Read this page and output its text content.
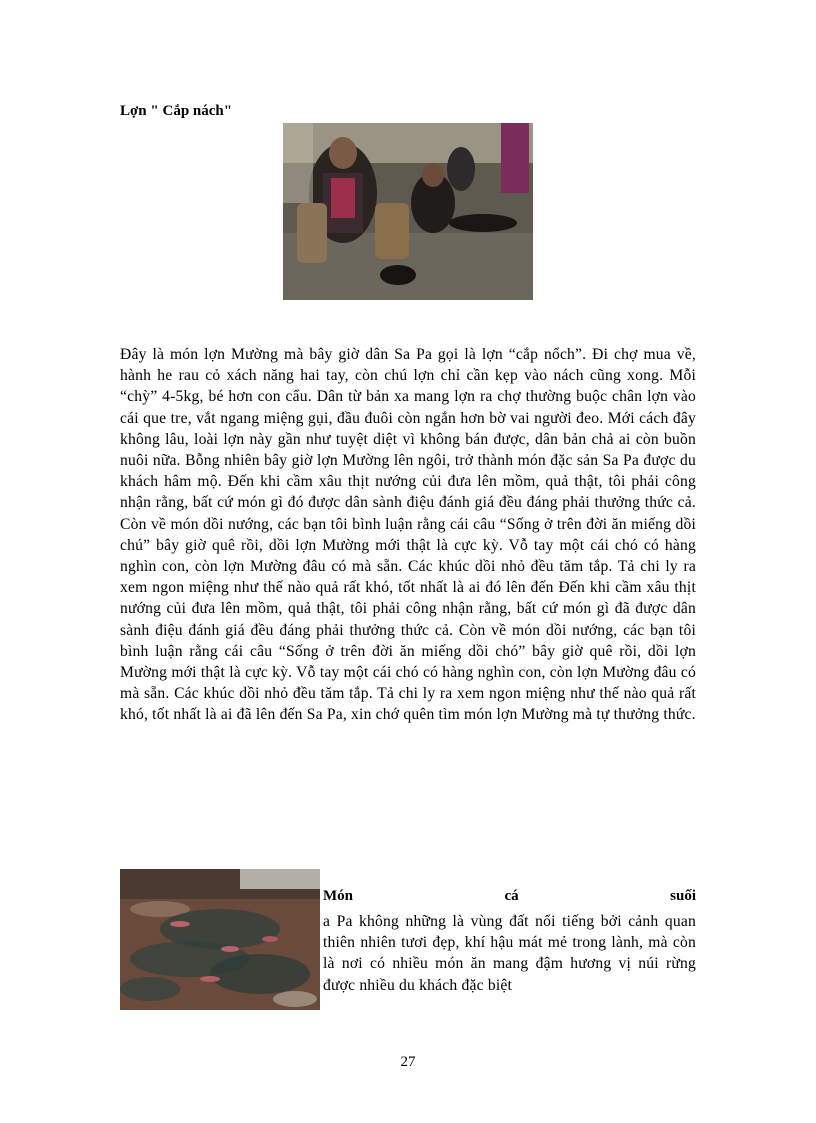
Lợn " Cắp nách"

Đây là món lợn Mường mà bây giờ dân Sa Pa gọi là lợn “cắp nổch”. Đi chợ mua về, hành he rau cỏ xách năng hai tay, còn chú lợn chỉ cần kẹp vào nách cũng xong. Mỗi “chỳ” 4-5kg, bé hơn con cẩu. Dân từ bản xa mang lợn ra chợ thường buộc chân lợn vào cái que tre, vắt ngang miệng gụi, đầu đuôi còn ngắn hơn bờ vai người đeo. Mới cách đây không lâu, loài lợn này gần như tuyệt diệt vì không bán được, dân bản chả ai còn buồn nuôi nữa. Bỗng nhiên bây giờ lợn Mường lên ngôi, trở thành món đặc sản Sa Pa được du khách hâm mộ. Đến khi cầm xâu thịt nướng củi đưa lên mồm, quả thật, tôi phải công nhận rằng, bất cứ món gì đó được dân sành điệu đánh giá đều đáng phải thưởng thức cả. Còn về món dồi nướng, các bạn tôi bình luận rằng cái câu “Sống ở trên đời ăn miếng dồi chú” bây giờ quê rồi, dồi lợn Mường mới thật là cực kỳ. Vỗ tay một cái chó có hàng nghìn con, còn lợn Mường đâu có mà sẵn. Các khúc dồi nhỏ đều tăm tắp. Tả chi ly ra xem ngon miệng như thế nào quả rất khó, tốt nhất là ai đó lên đến Đến khi cầm xâu thịt nướng củi đưa lên mồm, quả thật, tôi phải công nhận rằng, bất cứ món gì đã được dân sành điệu đánh giá đều đáng phải thưởng thức cả. Còn về món dồi nướng, các bạn tôi bình luận rằng cái câu “Sống ở trên đời ăn miếng dồi chó” bây giờ quê rồi, dồi lợn Mường mới thật là cực kỳ. Vỗ tay một cái chó có hàng nghìn con, còn lợn Mường đâu có mà sẵn. Các khúc dồi nhỏ đều tăm tắp. Tả chi ly ra xem ngon miệng như thế nào quả rất khó, tốt nhất là ai đã lên đến Sa Pa, xin chớ quên tìm món lợn Mường mà tự thưởng thức.

Món	cá	suối

a Pa không những là vùng đất nổi tiếng bởi cảnh quan thiên nhiên tươi đẹp, khí hậu mát mẻ trong lành, mà còn là nơi có nhiều món ăn mang đậm hương vị núi rừng được nhiều du khách đặc biệt

27
